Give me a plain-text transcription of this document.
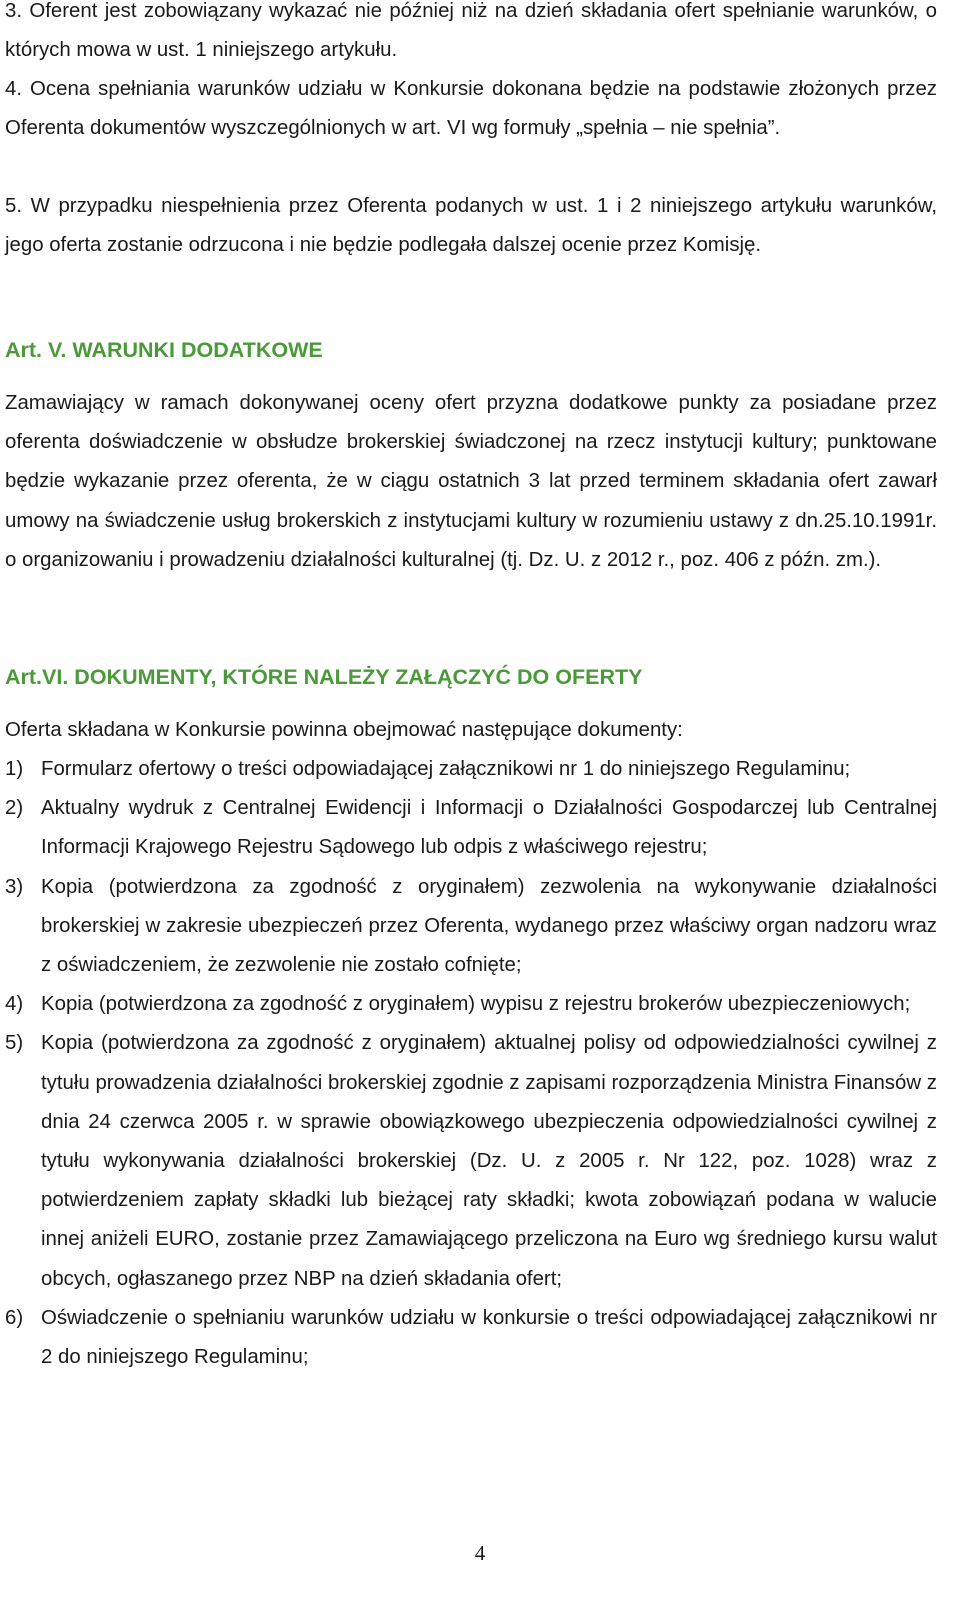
3. Oferent jest zobowiązany wykazać nie później niż na dzień składania ofert spełnianie warunków, o których mowa w ust. 1 niniejszego artykułu.

4. Ocena spełniania warunków udziału w Konkursie dokonana będzie na podstawie złożonych przez Oferenta dokumentów wyszczególnionych w art. VI wg formuły „spełnia – nie spełnia”.

5. W przypadku niespełnienia przez Oferenta podanych w ust. 1 i 2 niniejszego artykułu warunków, jego oferta zostanie odrzucona i nie będzie podlegała dalszej ocenie przez Komisję.

Art. V. WARUNKI DODATKOWE

Zamawiający w ramach dokonywanej oceny ofert przyzna dodatkowe punkty za posiadane przez oferenta doświadczenie w obsłudze brokerskiej świadczonej na rzecz instytucji kultury; punktowane będzie wykazanie przez oferenta, że w ciągu ostatnich 3 lat przed terminem składania ofert zawarł umowy na świadczenie usług brokerskich z instytucjami kultury w rozumieniu ustawy z dn.25.10.1991r. o organizowaniu i prowadzeniu działalności kulturalnej (tj. Dz. U. z 2012 r., poz. 406 z późn. zm.).

Art.VI. DOKUMENTY, KTÓRE NALEŻY ZAŁĄCZYĆ DO OFERTY

Oferta składana w Konkursie powinna obejmować następujące dokumenty:

1) Formularz ofertowy o treści odpowiadającej załącznikowi nr 1 do niniejszego Regulaminu;
2) Aktualny wydruk z Centralnej Ewidencji i Informacji o Działalności Gospodarczej lub Centralnej Informacji Krajowego Rejestru Sądowego lub odpis z właściwego rejestru;
3) Kopia (potwierdzona za zgodność z oryginałem) zezwolenia na wykonywanie działalności brokerskiej w zakresie ubezpieczeń przez Oferenta, wydanego przez właściwy organ nadzoru wraz z oświadczeniem, że zezwolenie nie zostało cofnięte;
4) Kopia (potwierdzona za zgodność z oryginałem) wypisu z rejestru brokerów ubezpieczeniowych;
5) Kopia (potwierdzona za zgodność z oryginałem) aktualnej polisy od odpowiedzialności cywilnej z tytułu prowadzenia działalności brokerskiej zgodnie z zapisami rozporządzenia Ministra Finansów z dnia 24 czerwca 2005 r. w sprawie obowiązkowego ubezpieczenia odpowiedzialności cywilnej z tytułu wykonywania działalności brokerskiej (Dz. U. z 2005 r. Nr 122, poz. 1028) wraz z potwierdzeniem zapłaty składki lub bieżącej raty składki; kwota zobowiązań podana w walucie innej aniżeli EURO, zostanie przez Zamawiającego przeliczona na Euro wg średniego kursu walut obcych, ogłaszanego przez NBP na dzień składania ofert;
6) Oświadczenie o spełnianiu warunków udziału w konkursie o treści odpowiadającej załącznikowi nr 2 do niniejszego Regulaminu;
4
